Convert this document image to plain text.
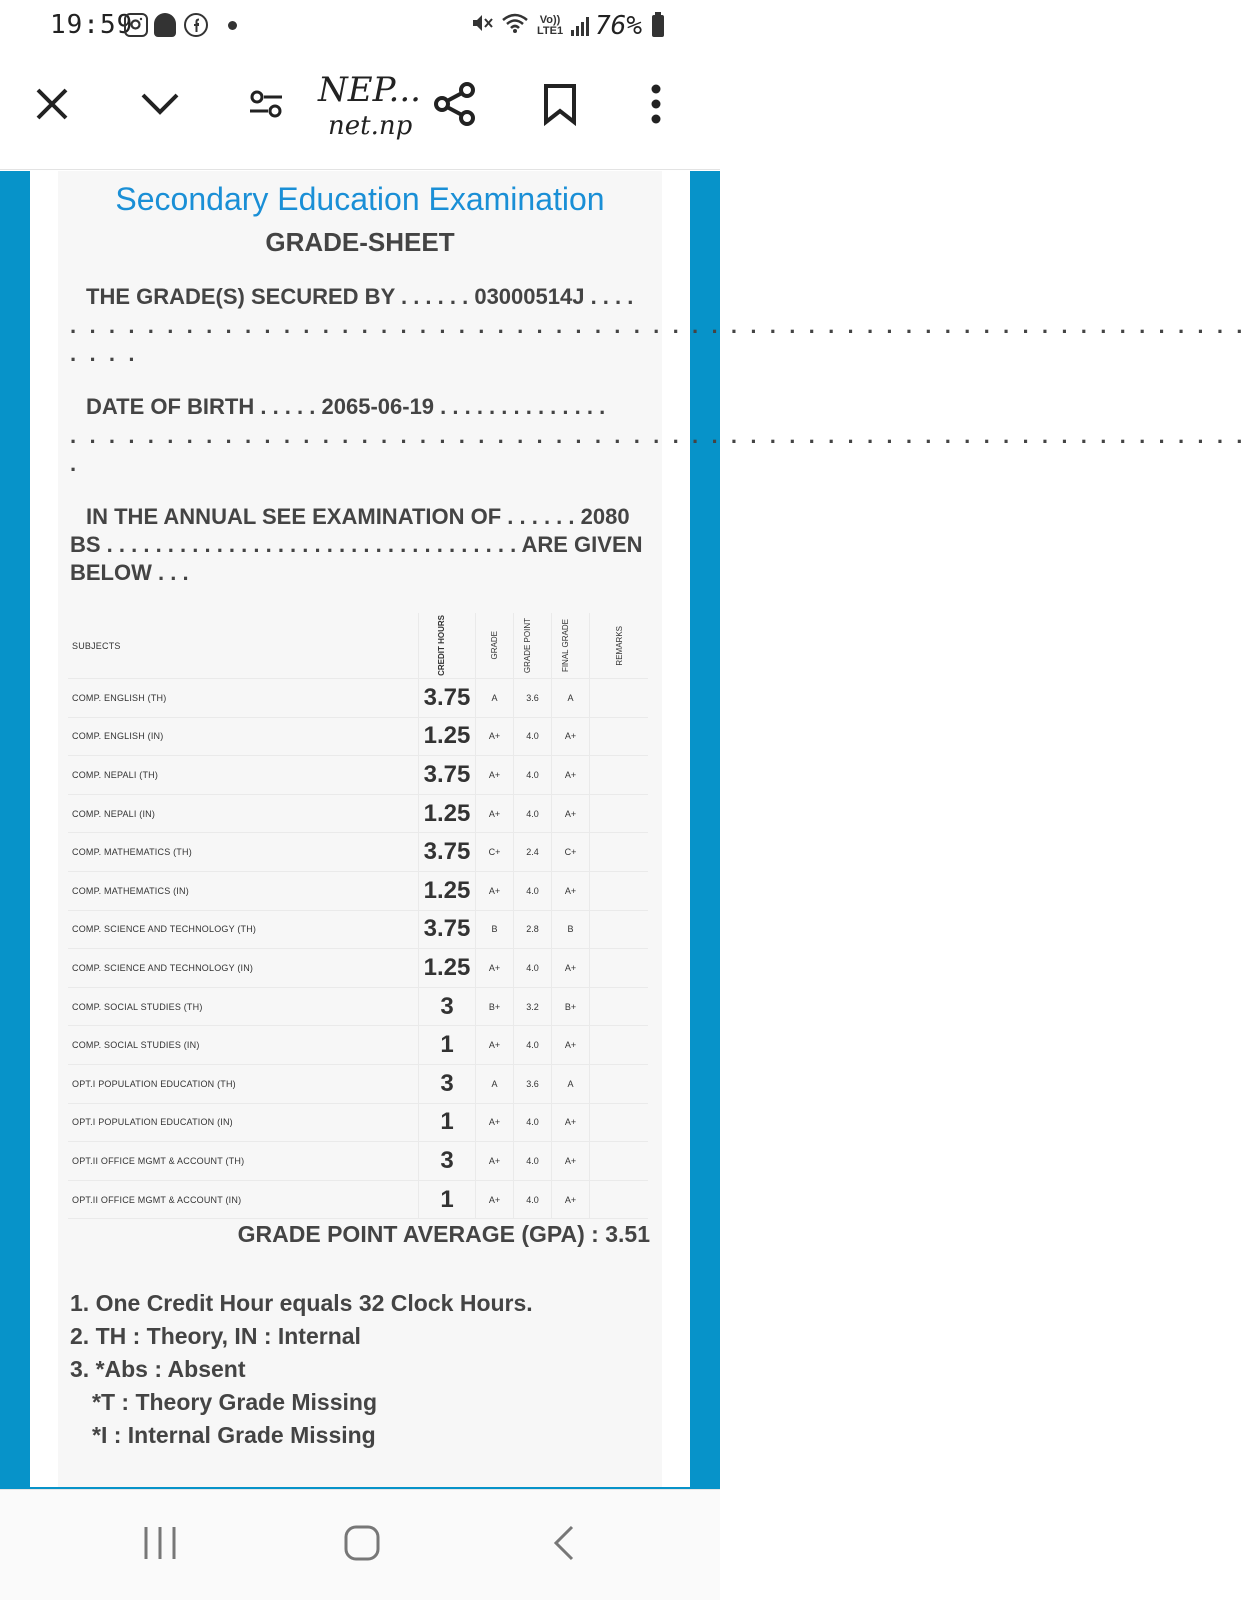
19:59	Vo)) LTE1 76%
NEP...
net.np
Secondary Education Examination
GRADE-SHEET
THE GRADE(S) SECURED BY . . . . . . 03000514J . . . .
· · · · · · · · · · · · · · · · · · · · · · · · · · · · · · · · · · · · · · · · · · · · · · · · · · · · · · · · · · · · ·
· · · ·
DATE OF BIRTH . . . . . 2065-06-19 . . . . . . . . . . . . . .
· · · · · · · · · · · · · · · · · · · · · · · · · · · · · · · · · · · · · · · · · · · · · · · · · · · · · · · · · · · · ·
·
IN THE ANNUAL SEE EXAMINATION OF . . . . . . 2080
BS . . . . . . . . . . . . . . . . . . . . . . . . . . . . . . . . . . ARE GIVEN
BELOW . . .
SUBJECTS	CREDIT HOURS	GRADE	GRADE POINT	FINAL GRADE	REMARKS
COMP. ENGLISH (TH)	3.75	A	3.6	A
COMP. ENGLISH (IN)	1.25	A+	4.0	A+
COMP. NEPALI (TH)	3.75	A+	4.0	A+
COMP. NEPALI (IN)	1.25	A+	4.0	A+
COMP. MATHEMATICS (TH)	3.75	C+	2.4	C+
COMP. MATHEMATICS (IN)	1.25	A+	4.0	A+
COMP. SCIENCE AND TECHNOLOGY (TH)	3.75	B	2.8	B
COMP. SCIENCE AND TECHNOLOGY (IN)	1.25	A+	4.0	A+
COMP. SOCIAL STUDIES (TH)	3	B+	3.2	B+
COMP. SOCIAL STUDIES (IN)	1	A+	4.0	A+
OPT.I POPULATION EDUCATION (TH)	3	A	3.6	A
OPT.I POPULATION EDUCATION (IN)	1	A+	4.0	A+
OPT.II OFFICE MGMT & ACCOUNT (TH)	3	A+	4.0	A+
OPT.II OFFICE MGMT & ACCOUNT (IN)	1	A+	4.0	A+
GRADE POINT AVERAGE (GPA) : 3.51
1. One Credit Hour equals 32 Clock Hours.
2. TH : Theory, IN : Internal
3. *Abs : Absent
*T : Theory Grade Missing
*I : Internal Grade Missing
